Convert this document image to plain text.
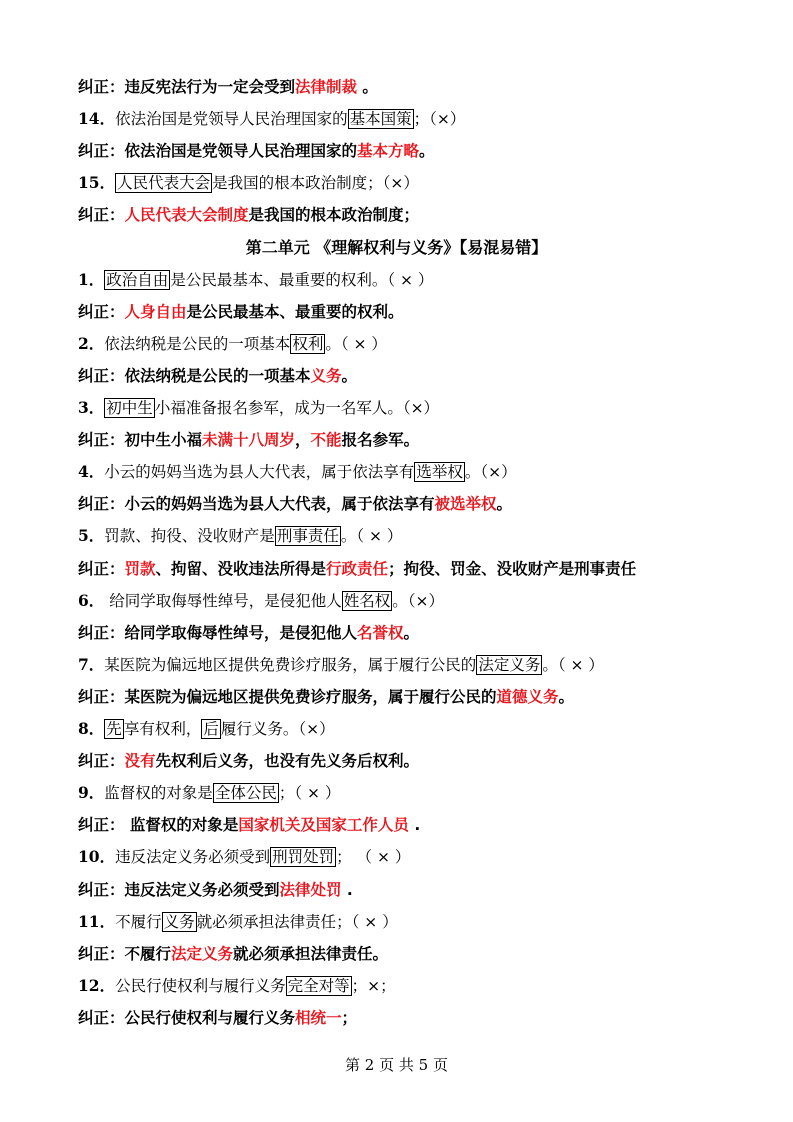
纠正：违反宪法行为一定会受到法律制裁 。
14．依法治国是党领导人民治理国家的 基本国策 ；（×）
纠正：依法治国是党领导人民治理国家的基本方略。
15． 人民代表大会 是我国的根本政治制度；（×）
纠正：人民代表大会制度是我国的根本政治制度；
第二单元 《理解权利与义务》【易混易错】
1． 政治自由 是公民最基本、最重要的权利。（ × ）
纠正：人身自由是公民最基本、最重要的权利。
2．依法纳税是公民的一项基本 权利 。（ × ）
纠正：依法纳税是公民的一项基本义务。
3． 初中生 小福准备报名参军，成为一名军人。（×）
纠正：初中生小福未满十八周岁，不能报名参军。
4．小云的妈妈当选为县人大代表，属于依法享有 选举权 。（×）
纠正：小云的妈妈当选为县人大代表，属于依法享有被选举权。
5．罚款、拘役、没收财产是 刑事责任 。（ × ）
纠正：罚款、拘留、没收违法所得是行政责任；拘役、罚金、没收财产是刑事责任
6． 给同学取侮辱性绰号，是侵犯他人 姓名权 。（×）
纠正：给同学取侮辱性绰号，是侵犯他人名誉权。
7．某医院为偏远地区提供免费诊疗服务，属于履行公民的 法定义务 。（ × ）
纠正：某医院为偏远地区提供免费诊疗服务，属于履行公民的道德义务。
8． 先 享有权利， 后 履行义务。（×）
纠正：没有先权利后义务，也没有先义务后权利。
9．监督权的对象是 全体公民 ；（ × ）
纠正： 监督权的对象是国家机关及国家工作人员 .
10．违反法定义务必须受到 刑罚处罚 ； （ × ）
纠正：违反法定义务必须受到法律处罚 .
11．不履行 义务 就必须承担法律责任；（ × ）
纠正：不履行法定义务就必须承担法律责任。
12．公民行使权利与履行义务 完全对等 ；×；
纠正：公民行使权利与履行义务相统一；
第 2 页 共 5 页
